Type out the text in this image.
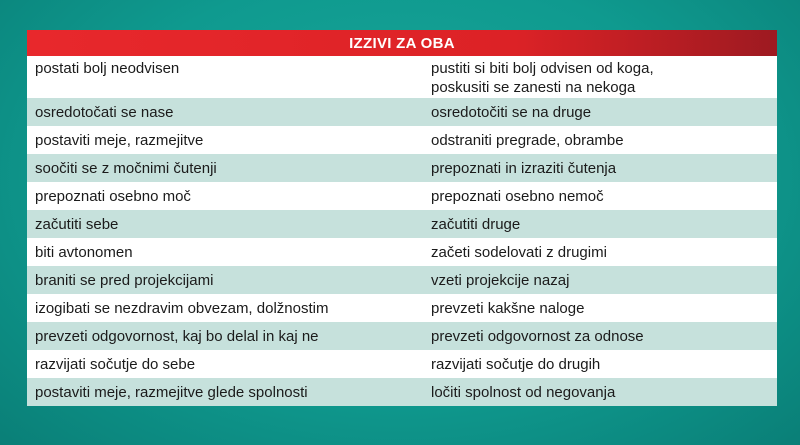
IZZIVI ZA OBA
postati bolj neodvisen	pustiti si biti bolj odvisen od koga,
poskusiti se zanesti na nekoga
osredotočati se nase	osredotočiti se na druge
postaviti meje, razmejitve	odstraniti pregrade, obrambe
soočiti se z močnimi čutenji	prepoznati in izraziti čutenja
prepoznati osebno moč	prepoznati osebno nemoč
začutiti sebe	začutiti druge
biti avtonomen	začeti sodelovati z drugimi
braniti se pred projekcijami	vzeti projekcije nazaj
izogibati se nezdravim obvezam, dolžnostim	prevzeti kakšne naloge
prevzeti odgovornost, kaj bo delal in kaj ne	prevzeti odgovornost za odnose
razvijati sočutje do sebe	razvijati sočutje do drugih
postaviti meje, razmejitve glede spolnosti	ločiti spolnost od negovanja
